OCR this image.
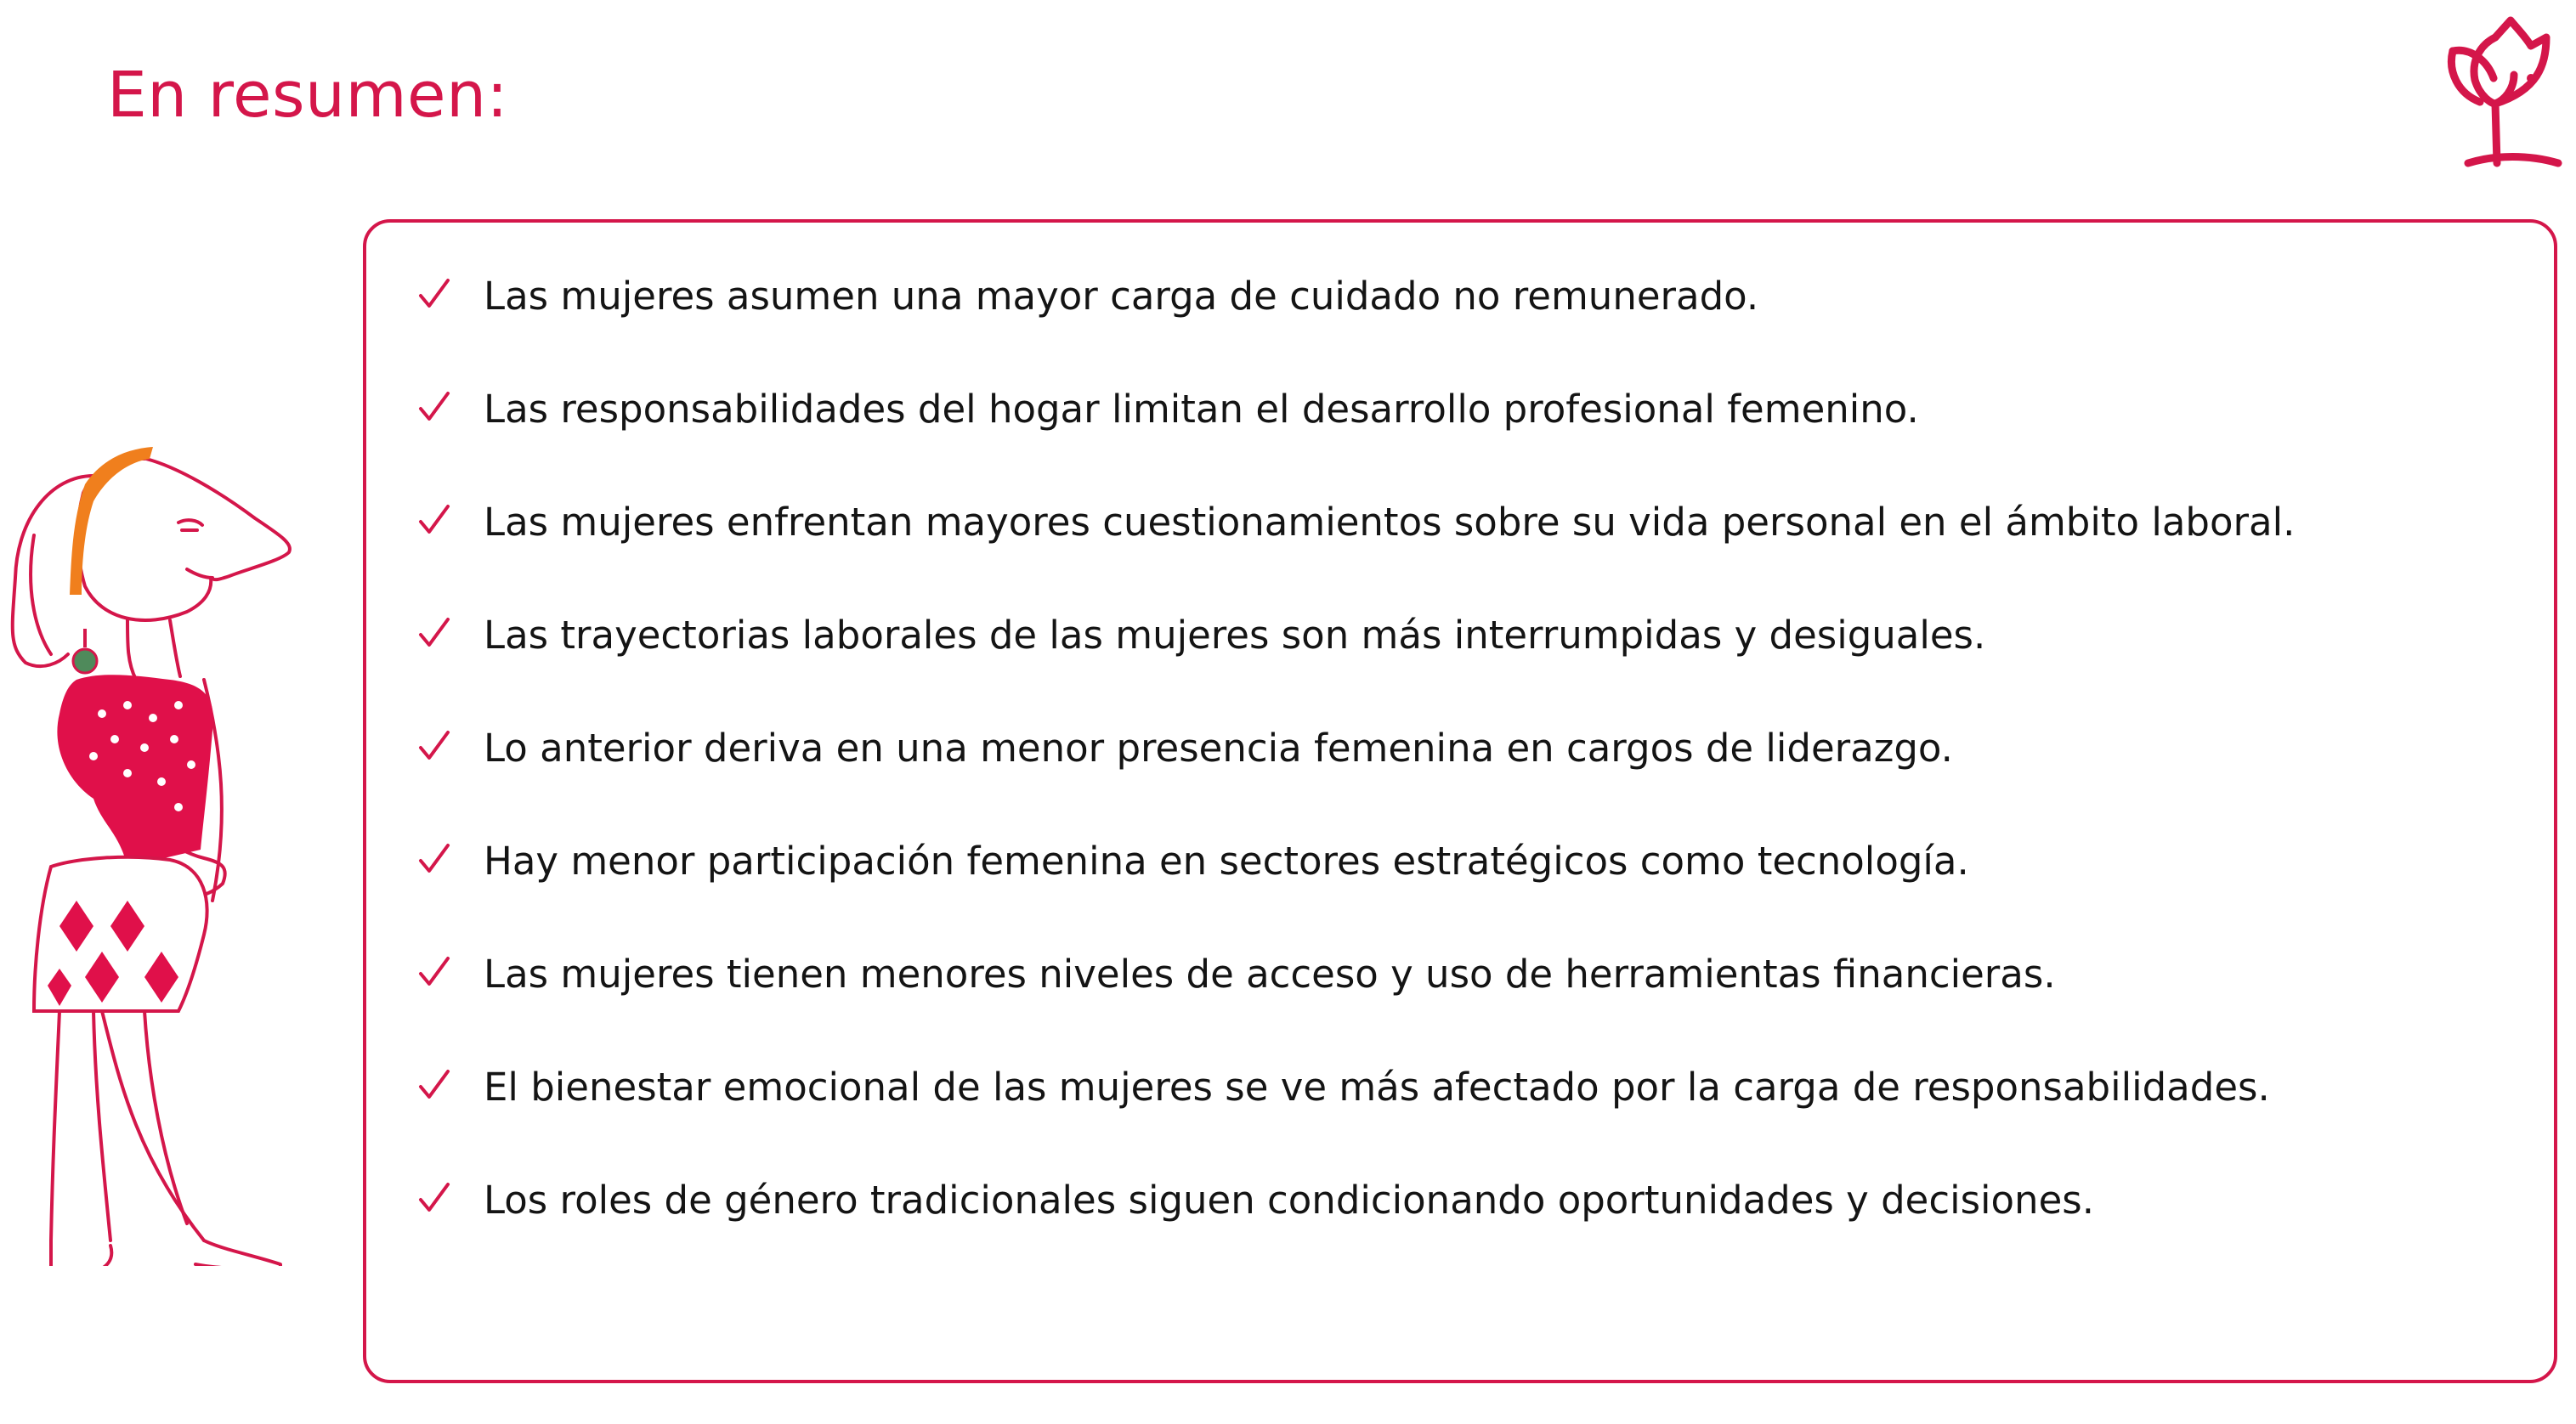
En resumen:
Las mujeres asumen una mayor carga de cuidado no remunerado.
Las responsabilidades del hogar limitan el desarrollo profesional femenino.
Las mujeres enfrentan mayores cuestionamientos sobre su vida personal en el ámbito laboral.
Las trayectorias laborales de las mujeres son más interrumpidas y desiguales.
Lo anterior deriva en una menor presencia femenina en cargos de liderazgo.
Hay menor participación femenina en sectores estratégicos como tecnología.
Las mujeres tienen menores niveles de acceso y uso de herramientas financieras.
El bienestar emocional de las mujeres se ve más afectado por la carga de responsabilidades.
Los roles de género tradicionales siguen condicionando oportunidades y decisiones.
